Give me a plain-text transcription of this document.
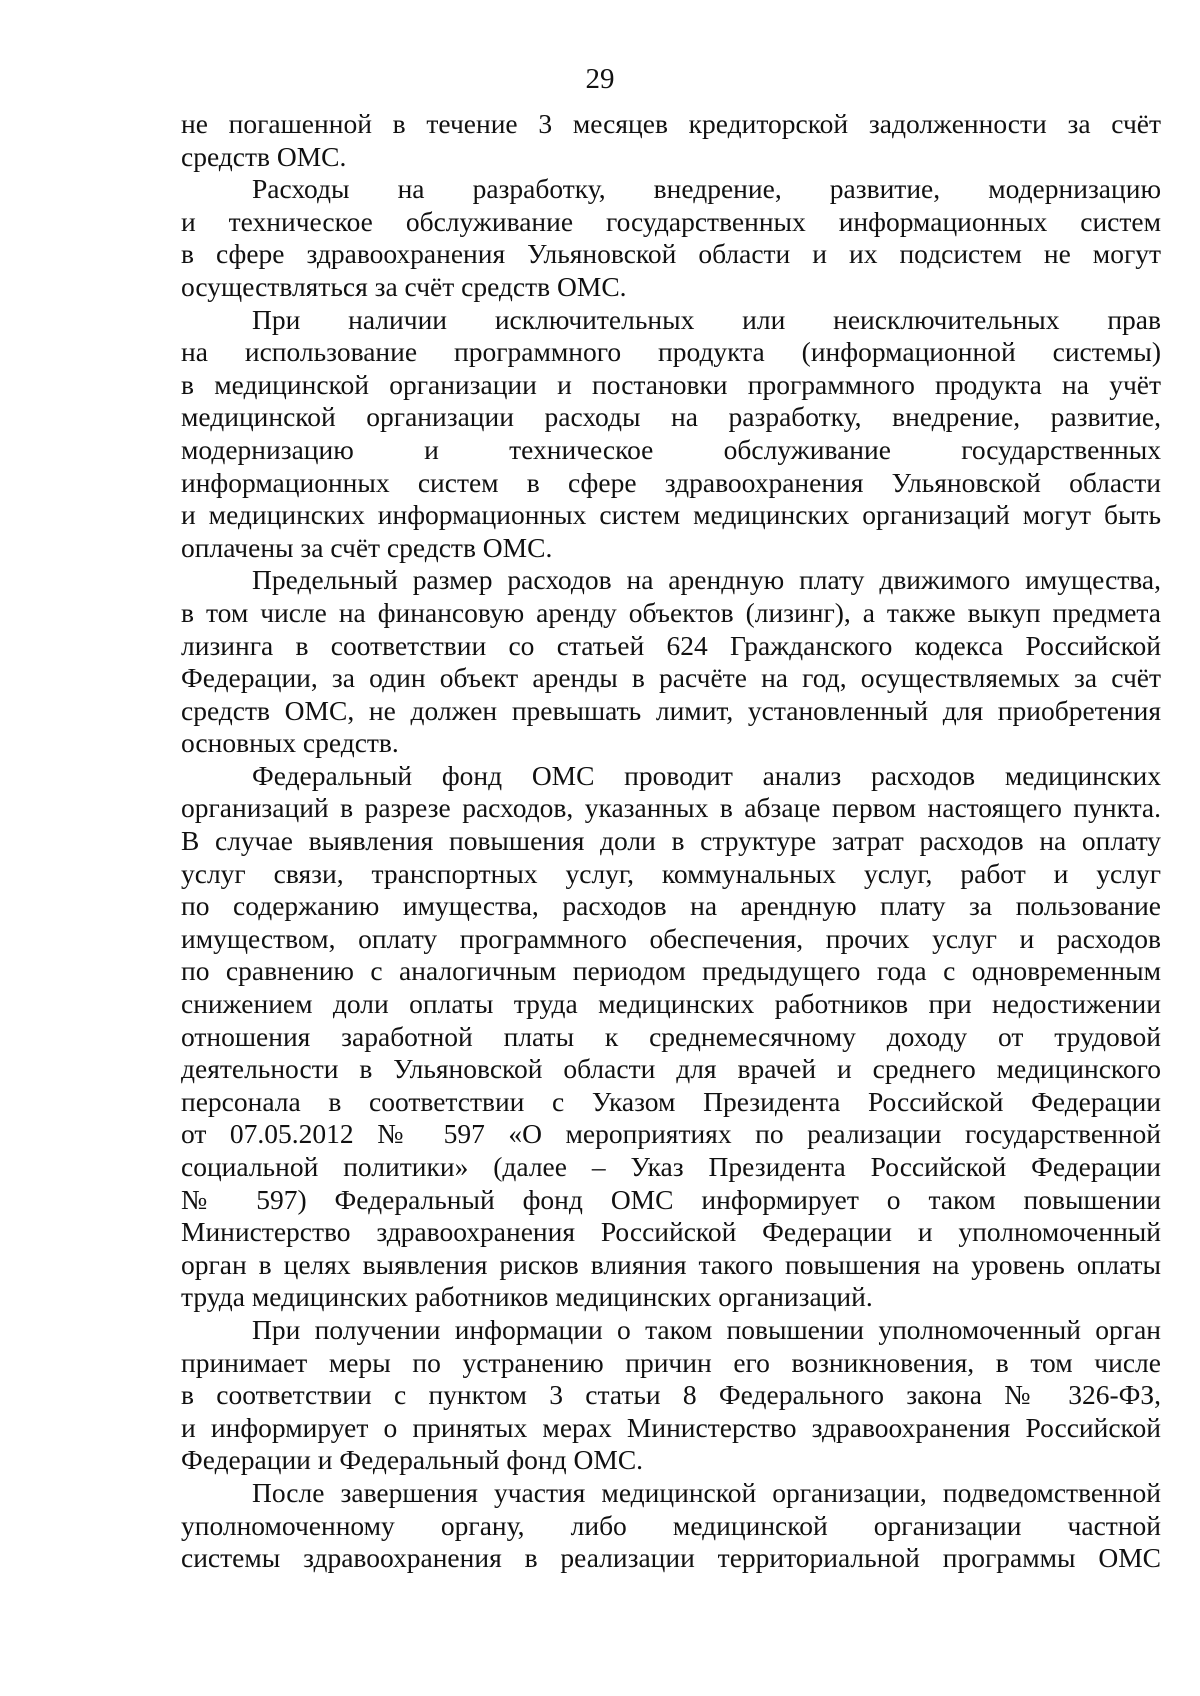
29

не погашенной в течение 3 месяцев кредиторской задолженности за счёт
средств ОМС.

Расходы на разработку, внедрение, развитие, модернизацию
и техническое обслуживание государственных информационных систем
в сфере здравоохранения Ульяновской области и их подсистем не могут
осуществляться за счёт средств ОМС.

При наличии исключительных или неисключительных прав
на использование программного продукта (информационной системы)
в медицинской организации и постановки программного продукта на учёт
медицинской организации расходы на разработку, внедрение, развитие,
модернизацию и техническое обслуживание государственных
информационных систем в сфере здравоохранения Ульяновской области
и медицинских информационных систем медицинских организаций могут быть
оплачены за счёт средств ОМС.

Предельный размер расходов на арендную плату движимого имущества,
в том числе на финансовую аренду объектов (лизинг), а также выкуп предмета
лизинга в соответствии со статьей 624 Гражданского кодекса Российской
Федерации, за один объект аренды в расчёте на год, осуществляемых за счёт
средств ОМС, не должен превышать лимит, установленный для приобретения
основных средств.

Федеральный фонд ОМС проводит анализ расходов медицинских
организаций в разрезе расходов, указанных в абзаце первом настоящего пункта.
В случае выявления повышения доли в структуре затрат расходов на оплату
услуг связи, транспортных услуг, коммунальных услуг, работ и услуг
по содержанию имущества, расходов на арендную плату за пользование
имуществом, оплату программного обеспечения, прочих услуг и расходов
по сравнению с аналогичным периодом предыдущего года с одновременным
снижением доли оплаты труда медицинских работников при недостижении
отношения заработной платы к среднемесячному доходу от трудовой
деятельности в Ульяновской области для врачей и среднего медицинского
персонала в соответствии с Указом Президента Российской Федерации
от 07.05.2012 № 597 «О мероприятиях по реализации государственной
социальной политики» (далее – Указ Президента Российской Федерации
№ 597) Федеральный фонд ОМС информирует о таком повышении
Министерство здравоохранения Российской Федерации и уполномоченный
орган в целях выявления рисков влияния такого повышения на уровень оплаты
труда медицинских работников медицинских организаций.

При получении информации о таком повышении уполномоченный орган
принимает меры по устранению причин его возникновения, в том числе
в соответствии с пунктом 3 статьи 8 Федерального закона № 326-ФЗ,
и информирует о принятых мерах Министерство здравоохранения Российской
Федерации и Федеральный фонд ОМС.

После завершения участия медицинской организации, подведомственной
уполномоченному органу, либо медицинской организации частной
системы здравоохранения в реализации территориальной программы ОМС
